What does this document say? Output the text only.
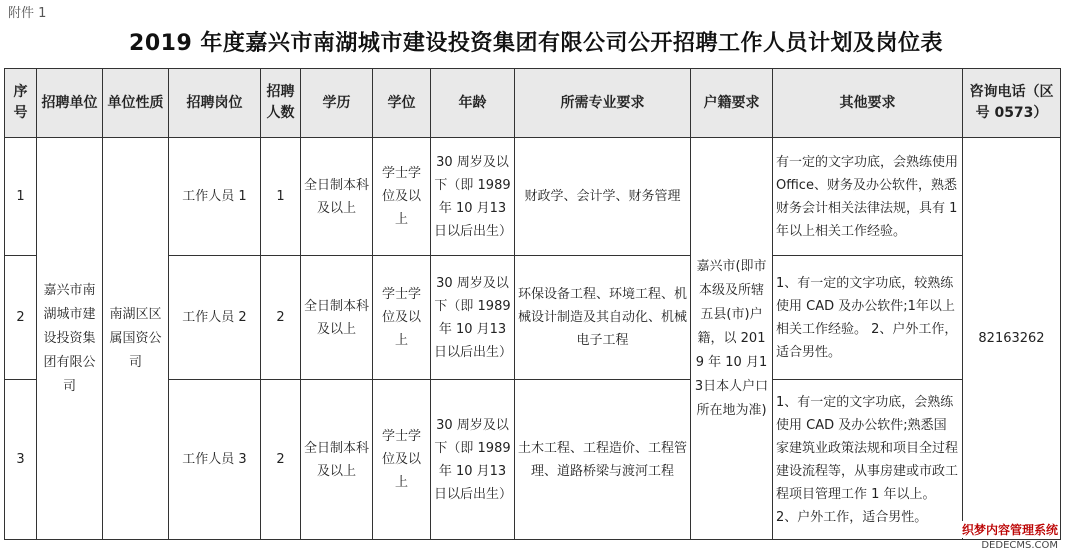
附件 1
2019 年度嘉兴市南湖城市建设投资集团有限公司公开招聘工作人员计划及岗位表
序号	招聘单位	单位性质	招聘岗位	招聘人数	学历	学位	年龄	所需专业要求	户籍要求	其他要求	咨询电话（区号 0573）
1	嘉兴市南湖城市建设投资集团有限公司	南湖区区属国资公司	工作人员 1	1	全日制本科及以上	学士学位及以上	30 周岁及以下（即 1989 年 10 月13日以后出生）	财政学、会计学、财务管理	嘉兴市(即市本级及所辖五县(市)户籍，以 2019 年 10 月13日本人户口所在地为准)	有一定的文字功底，会熟练使用Office、财务及办公软件，熟悉财务会计相关法律法规，具有 1 年以上相关工作经验。	82163262
2			工作人员 2	2	全日制本科及以上	学士学位及以上	30 周岁及以下（即 1989 年 10 月13日以后出生）	环保设备工程、环境工程、机械设计制造及其自动化、机械电子工程		1、有一定的文字功底，较熟练使用 CAD 及办公软件;1年以上相关工作经验。 2、户外工作，适合男性。	
3			工作人员 3	2	全日制本科及以上	学士学位及以上	30 周岁及以下（即 1989 年 10 月13日以后出生）	土木工程、工程造价、工程管理、道路桥梁与渡河工程		1、有一定的文字功底，会熟练使用 CAD 及办公软件;熟悉国家建筑业政策法规和项目全过程建设流程等，从事房建或市政工程项目管理工作 1 年以上。 2、户外工作，适合男性。	
织梦内容管理系统
DEDECMS.COM
